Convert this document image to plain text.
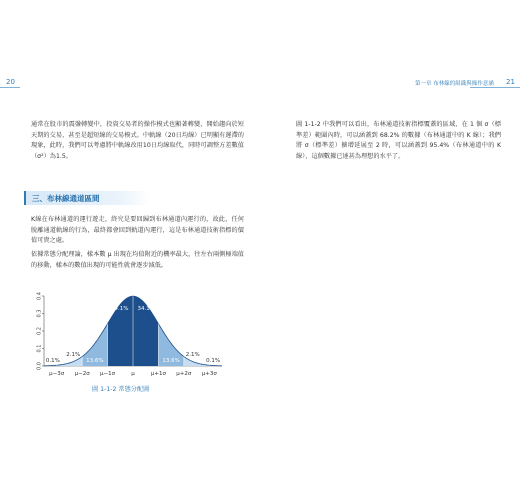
20	21
第一章 布林線的組織與操作意涵
通常在股市的震盪轉變中，投資交易者的操作模式也顯著轉變，開始趨向於短天期的交易，甚至是超短線的交易模式。中軌線（20日均線）已明顯有遲滯的現象，此時，我們可以考慮將中軌線改用10日均線取代，同時可調整方差數值（σ²）為1.5。
三、布林線通道區間
K線在布林通道的運行遊走，終究是要回歸到布林通道內運行的，故此，任何脫離通道軌線的行為，最終都會回到軌道內運行，這是布林通道技術指標的價值可貴之處。
依據常態分配理論，樣本數 μ 出現在均值附近的機率最大，往左右兩側極端值的移動，樣本的數值出現的可能性就會逐步減低。
圖 1-1-2 中我們可以看出，布林通道技術指標覆蓋的區域，在 1 個 σ（標準差）範圍內時，可以涵蓋到 68.2% 的數據（布林通道中的 K 線）；我們將 σ（標準差）擴增延展至 2 時，可以涵蓋到 95.4%（布林通道中的 K 線），這個數據已達甚為理想的水平了。
0.0
0.1
0.2
0.3
0.4
μ−3σ μ−2σ μ−1σ	μ	μ+1σ μ+2σ μ+3σ
0.1%
2.1%
13.6%
34.1% 34.1%
13.6%
2.1%
0.1%
圖 1-1-2 常態分配圖
